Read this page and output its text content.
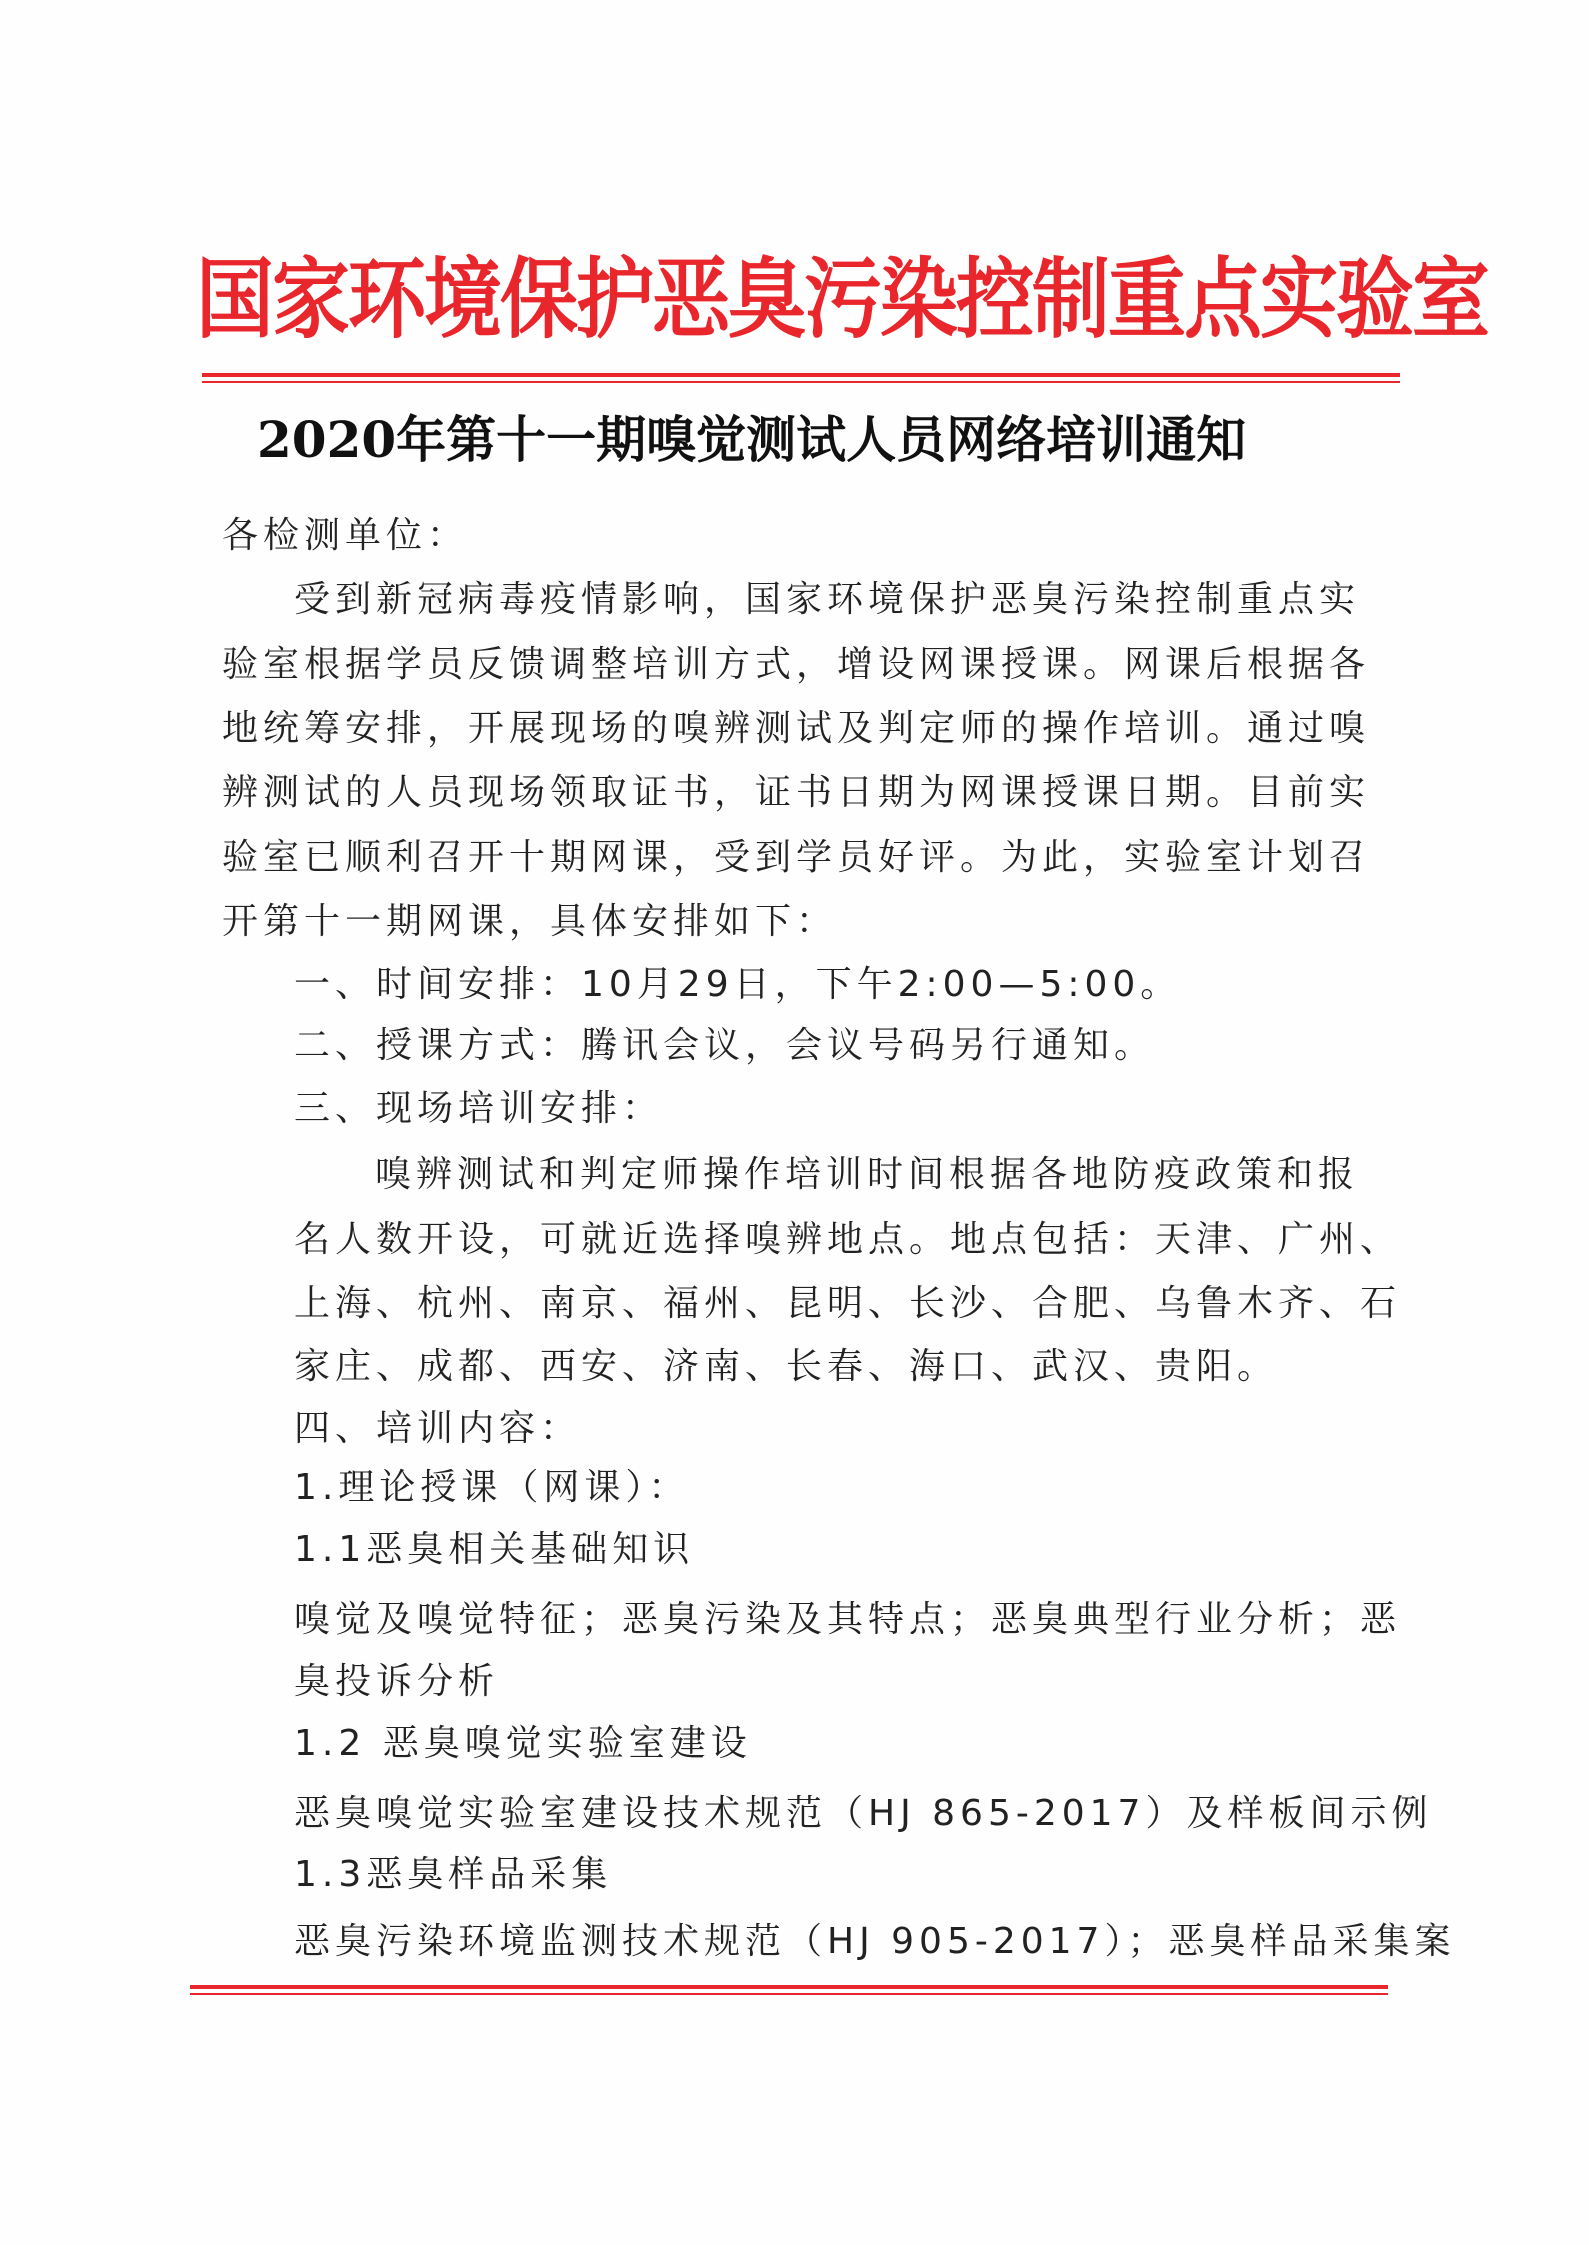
国家环境保护恶臭污染控制重点实验室
2020年第十一期嗅觉测试人员网络培训通知
各检测单位：
受到新冠病毒疫情影响，国家环境保护恶臭污染控制重点实
验室根据学员反馈调整培训方式，增设网课授课。网课后根据各
地统筹安排，开展现场的嗅辨测试及判定师的操作培训。通过嗅
辨测试的人员现场领取证书，证书日期为网课授课日期。目前实
验室已顺利召开十期网课，受到学员好评。为此，实验室计划召
开第十一期网课，具体安排如下：
一、时间安排：10月29日，下午2:00—5:00。
二、授课方式：腾讯会议，会议号码另行通知。
三、现场培训安排：
嗅辨测试和判定师操作培训时间根据各地防疫政策和报
名人数开设，可就近选择嗅辨地点。地点包括：天津、广州、
上海、杭州、南京、福州、昆明、长沙、合肥、乌鲁木齐、石
家庄、成都、西安、济南、长春、海口、武汉、贵阳。
四、培训内容：
1.理论授课（网课）：
1.1恶臭相关基础知识
嗅觉及嗅觉特征；恶臭污染及其特点；恶臭典型行业分析；恶
臭投诉分析
1.2 恶臭嗅觉实验室建设
恶臭嗅觉实验室建设技术规范（HJ 865-2017）及样板间示例
1.3恶臭样品采集
恶臭污染环境监测技术规范（HJ 905-2017）；恶臭样品采集案
